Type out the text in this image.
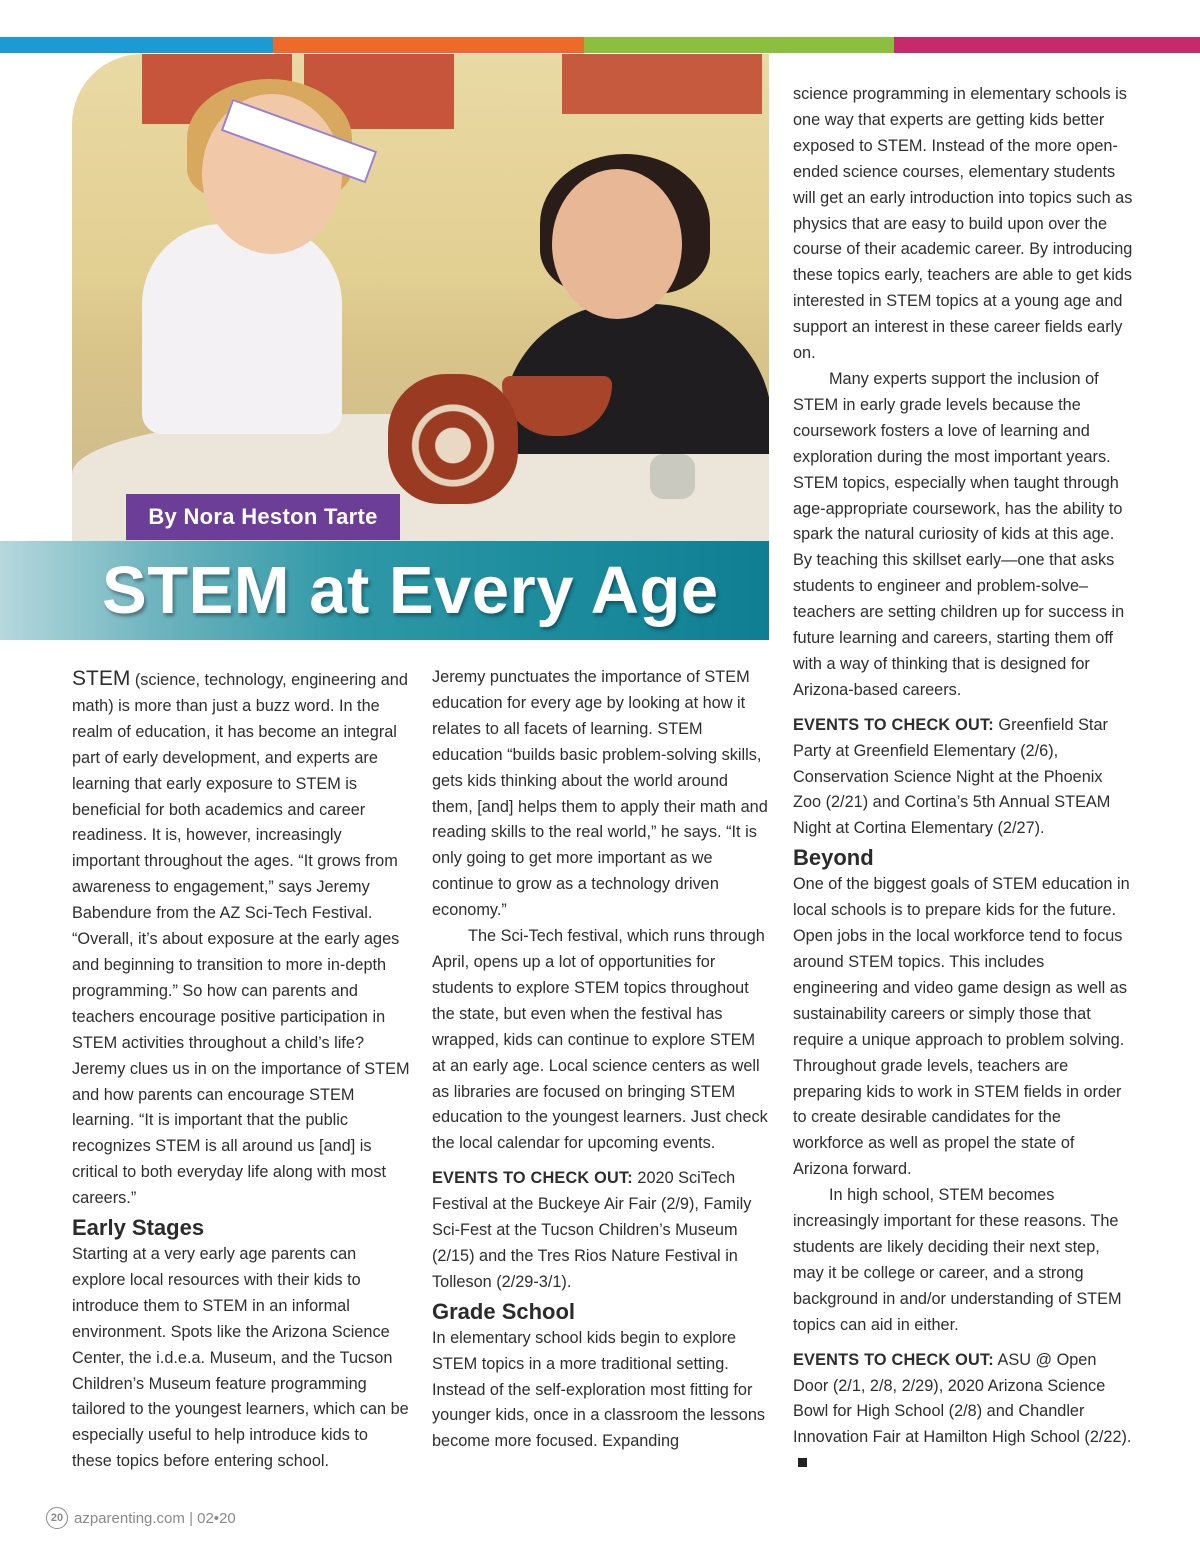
By Nora Heston Tarte
STEM at Every Age

STEM (science, technology, engineering and math) is more than just a buzz word. In the realm of education, it has become an integral part of early development, and experts are learning that early exposure to STEM is beneficial for both academics and career readiness. It is, however, increasingly important throughout the ages. “It grows from awareness to engagement,” says Jeremy Babendure from the AZ Sci-Tech Festival. “Overall, it’s about exposure at the early ages and beginning to transition to more in-depth programming.” So how can parents and teachers encourage positive participation in STEM activities throughout a child’s life? Jeremy clues us in on the importance of STEM and how parents can encourage STEM learning. “It is important that the public recognizes STEM is all around us [and] is critical to both everyday life along with most careers.”

Early Stages

Starting at a very early age parents can explore local resources with their kids to introduce them to STEM in an informal environment. Spots like the Arizona Science Center, the i.d.e.a. Museum, and the Tucson Children’s Museum feature programming tailored to the youngest learners, which can be especially useful to help introduce kids to these topics before entering school.

Jeremy punctuates the importance of STEM education for every age by looking at how it relates to all facets of learning. STEM education “builds basic problem-solving skills, gets kids thinking about the world around them, [and] helps them to apply their math and reading skills to the real world,” he says. “It is only going to get more important as we continue to grow as a technology driven economy.”

The Sci-Tech festival, which runs through April, opens up a lot of opportunities for students to explore STEM topics throughout the state, but even when the festival has wrapped, kids can continue to explore STEM at an early age. Local science centers as well as libraries are focused on bringing STEM education to the youngest learners. Just check the local calendar for upcoming events.

EVENTS TO CHECK OUT: 2020 SciTech Festival at the Buckeye Air Fair (2/9), Family Sci-Fest at the Tucson Children’s Museum (2/15) and the Tres Rios Nature Festival in Tolleson (2/29-3/1).

Grade School

In elementary school kids begin to explore STEM topics in a more traditional setting. Instead of the self-exploration most fitting for younger kids, once in a classroom the lessons become more focused. Expanding

science programming in elementary schools is one way that experts are getting kids better exposed to STEM. Instead of the more open-ended science courses, elementary students will get an early introduction into topics such as physics that are easy to build upon over the course of their academic career. By introducing these topics early, teachers are able to get kids interested in STEM topics at a young age and support an interest in these career fields early on.

Many experts support the inclusion of STEM in early grade levels because the coursework fosters a love of learning and exploration during the most important years. STEM topics, especially when taught through age-appropriate coursework, has the ability to spark the natural curiosity of kids at this age. By teaching this skillset early—one that asks students to engineer and problem-solve–teachers are setting children up for success in future learning and careers, starting them off with a way of thinking that is designed for Arizona-based careers.

EVENTS TO CHECK OUT: Greenfield Star Party at Greenfield Elementary (2/6), Conservation Science Night at the Phoenix Zoo (2/21) and Cortina’s 5th Annual STEAM Night at Cortina Elementary (2/27).

Beyond

One of the biggest goals of STEM education in local schools is to prepare kids for the future. Open jobs in the local workforce tend to focus around STEM topics. This includes engineering and video game design as well as sustainability careers or simply those that require a unique approach to problem solving. Throughout grade levels, teachers are preparing kids to work in STEM fields in order to create desirable candidates for the workforce as well as propel the state of Arizona forward.

In high school, STEM becomes increasingly important for these reasons. The students are likely deciding their next step, may it be college or career, and a strong background in and/or understanding of STEM topics can aid in either.

EVENTS TO CHECK OUT: ASU @ Open Door (2/1, 2/8, 2/29), 2020 Arizona Science Bowl for High School (2/8) and Chandler Innovation Fair at Hamilton High School (2/22).

20 azparenting.com | 02•20
